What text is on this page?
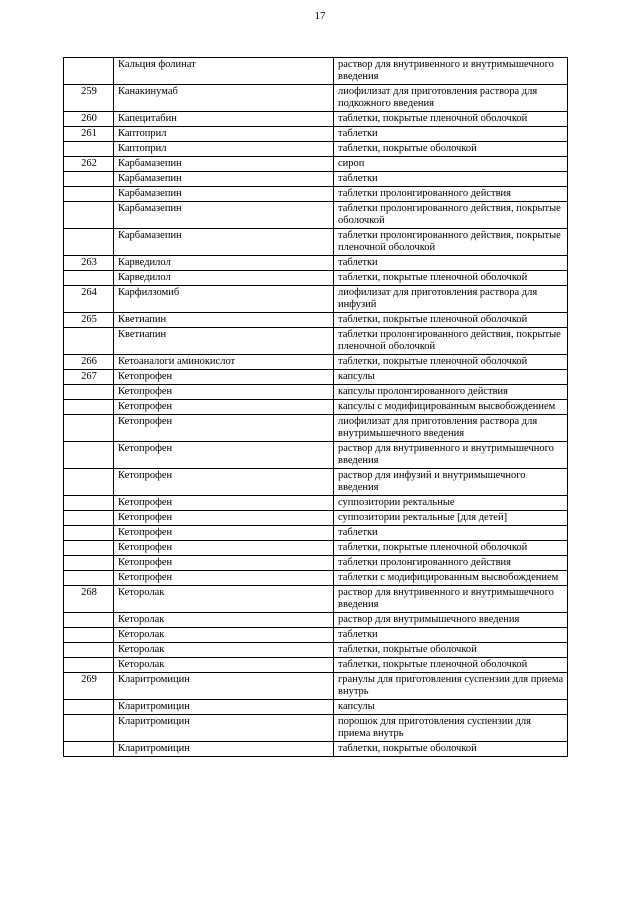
17
	Кальция фолинат	раствор для внутривенного и внутримышечного введения
259	Канакинумаб	лиофилизат для приготовления раствора для подкожного введения
260	Капецитабин	таблетки, покрытые пленочной оболочкой
261	Каптоприл	таблетки
	Каптоприл	таблетки, покрытые оболочкой
262	Карбамазепин	сироп
	Карбамазепин	таблетки
	Карбамазепин	таблетки пролонгированного действия
	Карбамазепин	таблетки пролонгированного действия, покрытые оболочкой
	Карбамазепин	таблетки пролонгированного действия, покрытые пленочной оболочкой
263	Карведилол	таблетки
	Карведилол	таблетки, покрытые пленочной оболочкой
264	Карфилзомиб	лиофилизат для приготовления раствора для инфузий
265	Кветиапин	таблетки, покрытые пленочной оболочкой
	Кветиапин	таблетки пролонгированного действия, покрытые пленочной оболочкой
266	Кетоаналоги аминокислот	таблетки, покрытые пленочной оболочкой
267	Кетопрофен	капсулы
	Кетопрофен	капсулы пролонгированного действия
	Кетопрофен	капсулы с модифицированным высвобождением
	Кетопрофен	лиофилизат для приготовления раствора для внутримышечного введения
	Кетопрофен	раствор для внутривенного и внутримышечного введения
	Кетопрофен	раствор для инфузий и внутримышечного введения
	Кетопрофен	суппозитории ректальные
	Кетопрофен	суппозитории ректальные [для детей]
	Кетопрофен	таблетки
	Кетопрофен	таблетки, покрытые пленочной оболочкой
	Кетопрофен	таблетки пролонгированного действия
	Кетопрофен	таблетки с модифицированным высвобождением
268	Кеторолак	раствор для внутривенного и внутримышечного введения
	Кеторолак	раствор для внутримышечного введения
	Кеторолак	таблетки
	Кеторолак	таблетки, покрытые оболочкой
	Кеторолак	таблетки, покрытые пленочной оболочкой
269	Кларитромицин	гранулы для приготовления суспензии для приема внутрь
	Кларитромицин	капсулы
	Кларитромицин	порошок для приготовления суспензии для приема внутрь
	Кларитромицин	таблетки, покрытые оболочкой
